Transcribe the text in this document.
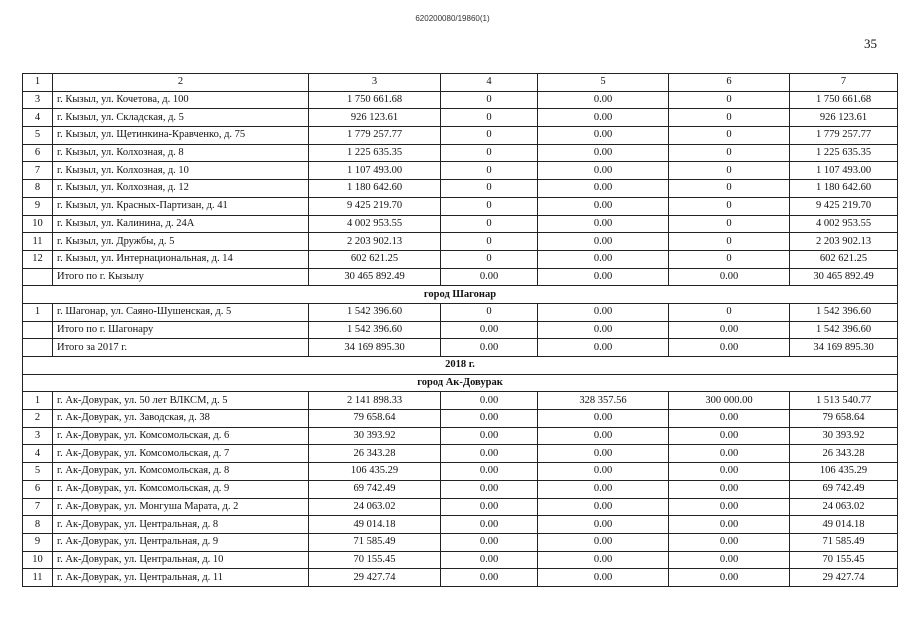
620200080/19860(1)
35
1	2	3	4	5	6	7
3	г. Кызыл, ул. Кочетова, д. 100	1 750 661.68	0	0.00	0	1 750 661.68
4	г. Кызыл, ул. Складская, д. 5	926 123.61	0	0.00	0	926 123.61
5	г. Кызыл, ул. Щетинкина-Кравченко, д. 75	1 779 257.77	0	0.00	0	1 779 257.77
6	г. Кызыл, ул. Колхозная, д. 8	1 225 635.35	0	0.00	0	1 225 635.35
7	г. Кызыл, ул. Колхозная, д. 10	1 107 493.00	0	0.00	0	1 107 493.00
8	г. Кызыл, ул. Колхозная, д. 12	1 180 642.60	0	0.00	0	1 180 642.60
9	г. Кызыл, ул. Красных-Партизан, д. 41	9 425 219.70	0	0.00	0	9 425 219.70
10	г. Кызыл, ул. Калинина, д. 24А	4 002 953.55	0	0.00	0	4 002 953.55
11	г. Кызыл, ул. Дружбы, д. 5	2 203 902.13	0	0.00	0	2 203 902.13
12	г. Кызыл, ул. Интернациональная, д. 14	602 621.25	0	0.00	0	602 621.25
	Итого по г. Кызылу	30 465 892.49	0.00	0.00	0.00	30 465 892.49
город Шагонар						
1	г. Шагонар, ул. Саяно-Шушенская, д. 5	1 542 396.60	0	0.00	0	1 542 396.60
	Итого по г. Шагонару	1 542 396.60	0.00	0.00	0.00	1 542 396.60
	Итого за 2017 г.	34 169 895.30	0.00	0.00	0.00	34 169 895.30
2018 г.						
город Ак-Довурак						
1	г. Ак-Довурак, ул. 50 лет ВЛКСМ, д. 5	2 141 898.33	0.00	328 357.56	300 000.00	1 513 540.77
2	г. Ак-Довурак, ул. Заводская, д. 38	79 658.64	0.00	0.00	0.00	79 658.64
3	г. Ак-Довурак, ул. Комсомольская, д. 6	30 393.92	0.00	0.00	0.00	30 393.92
4	г. Ак-Довурак, ул. Комсомольская, д. 7	26 343.28	0.00	0.00	0.00	26 343.28
5	г. Ак-Довурак, ул. Комсомольская, д. 8	106 435.29	0.00	0.00	0.00	106 435.29
6	г. Ак-Довурак, ул. Комсомольская, д. 9	69 742.49	0.00	0.00	0.00	69 742.49
7	г. Ак-Довурак, ул. Монгуша Марата, д. 2	24 063.02	0.00	0.00	0.00	24 063.02
8	г. Ак-Довурак, ул. Центральная, д. 8	49 014.18	0.00	0.00	0.00	49 014.18
9	г. Ак-Довурак, ул. Центральная, д. 9	71 585.49	0.00	0.00	0.00	71 585.49
10	г. Ак-Довурак, ул. Центральная, д. 10	70 155.45	0.00	0.00	0.00	70 155.45
11	г. Ак-Довурак, ул. Центральная, д. 11	29 427.74	0.00	0.00	0.00	29 427.74
